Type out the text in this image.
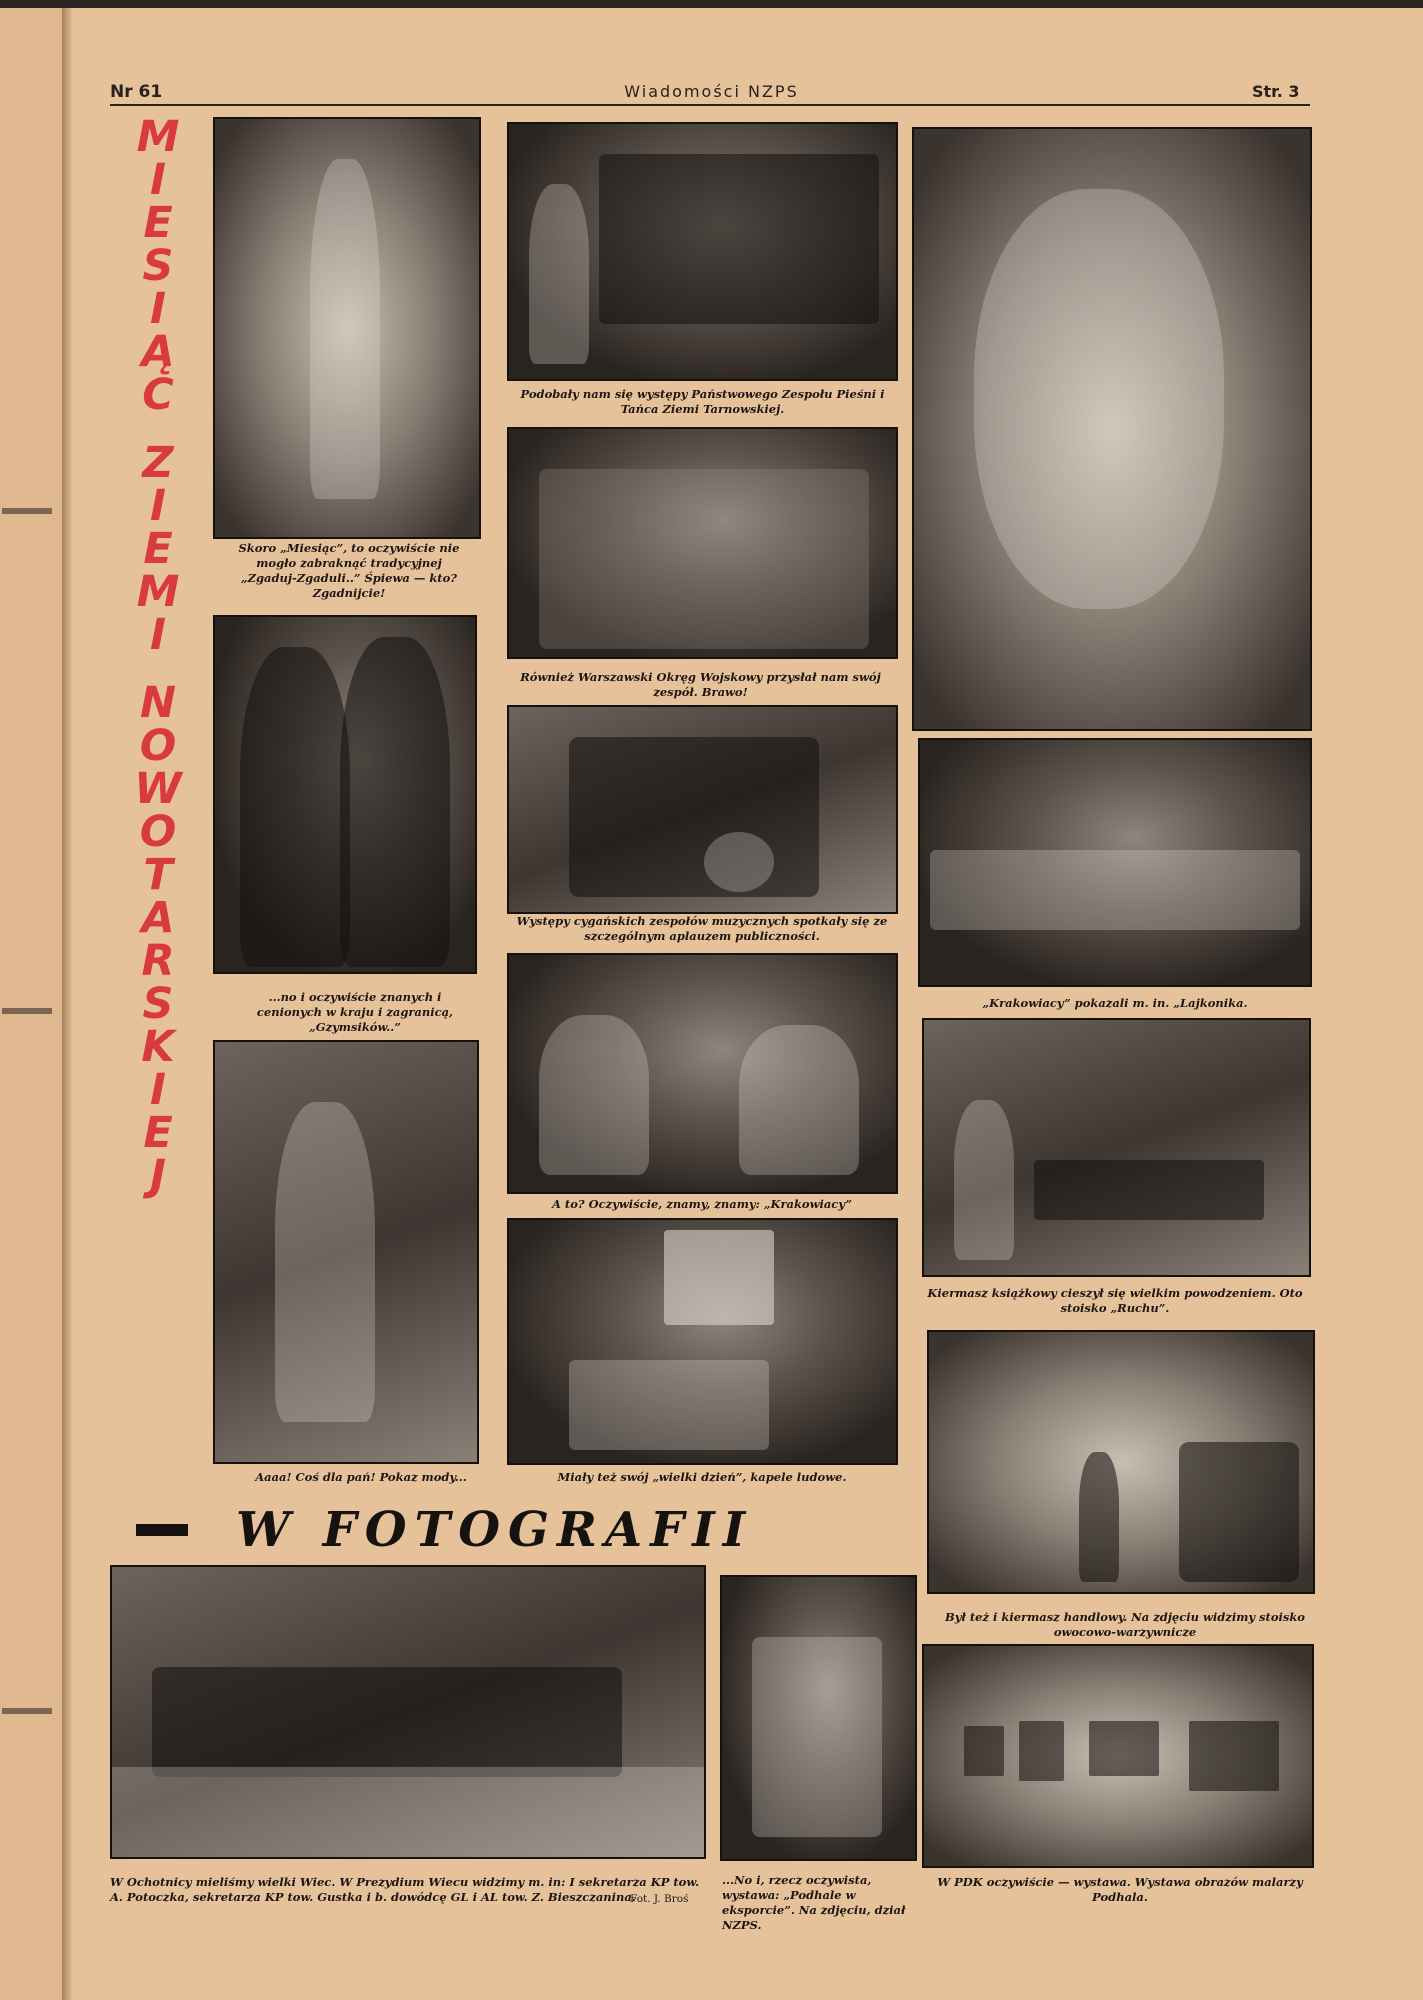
Nr 61	Wiadomości NZPS	Str. 3
M
I
E
S
I
Ą
C
Z
I
E
M
I
N
O
W
O
T
A
R
S
K
I
E
J
W FOTOGRAFII
Skoro „Miesiąc”, to oczywiście nie mogło zabraknąć tradycyjnej „Zgaduj-Zgaduli..” Śpiewa — kto? Zgadnijcie!
...no i oczywiście znanych i cenionych w kraju i zagranicą, „Gzymsików..”
Aaaa! Coś dla pań! Pokaz mody...
Podobały nam się występy Państwowego Zespołu Pieśni i Tańca Ziemi Tarnowskiej.
Również Warszawski Okręg Wojskowy przysłał nam swój zespół. Brawo!
Występy cygańskich zespołów muzycznych spotkały się ze szczególnym aplauzem publiczności.
A to? Oczywiście, znamy, znamy: „Krakowiacy”
Miały też swój „wielki dzień”, kapele ludowe.
„Krakowiacy” pokazali m. in. „Lajkonika.
Kiermasz książkowy cieszył się wielkim powodzeniem. Oto stoisko „Ruchu”.
Był też i kiermasz handlowy. Na zdjęciu widzimy stoisko owocowo-warzywnicze
W Ochotnicy mieliśmy wielki Wiec. W Prezydium Wiecu widzimy m. in: I sekretarza KP tow. A. Potoczka, sekretarza KP tow. Gustka i b. dowódcę GL i AL tow. Z. Bieszczanina.
Fot. J. Broś
...No i, rzecz oczywista, wystawa: „Podhale w eksporcie”. Na zdjęciu, dział NZPS.
W PDK oczywiście — wystawa. Wystawa obrazów malarzy Podhala.
